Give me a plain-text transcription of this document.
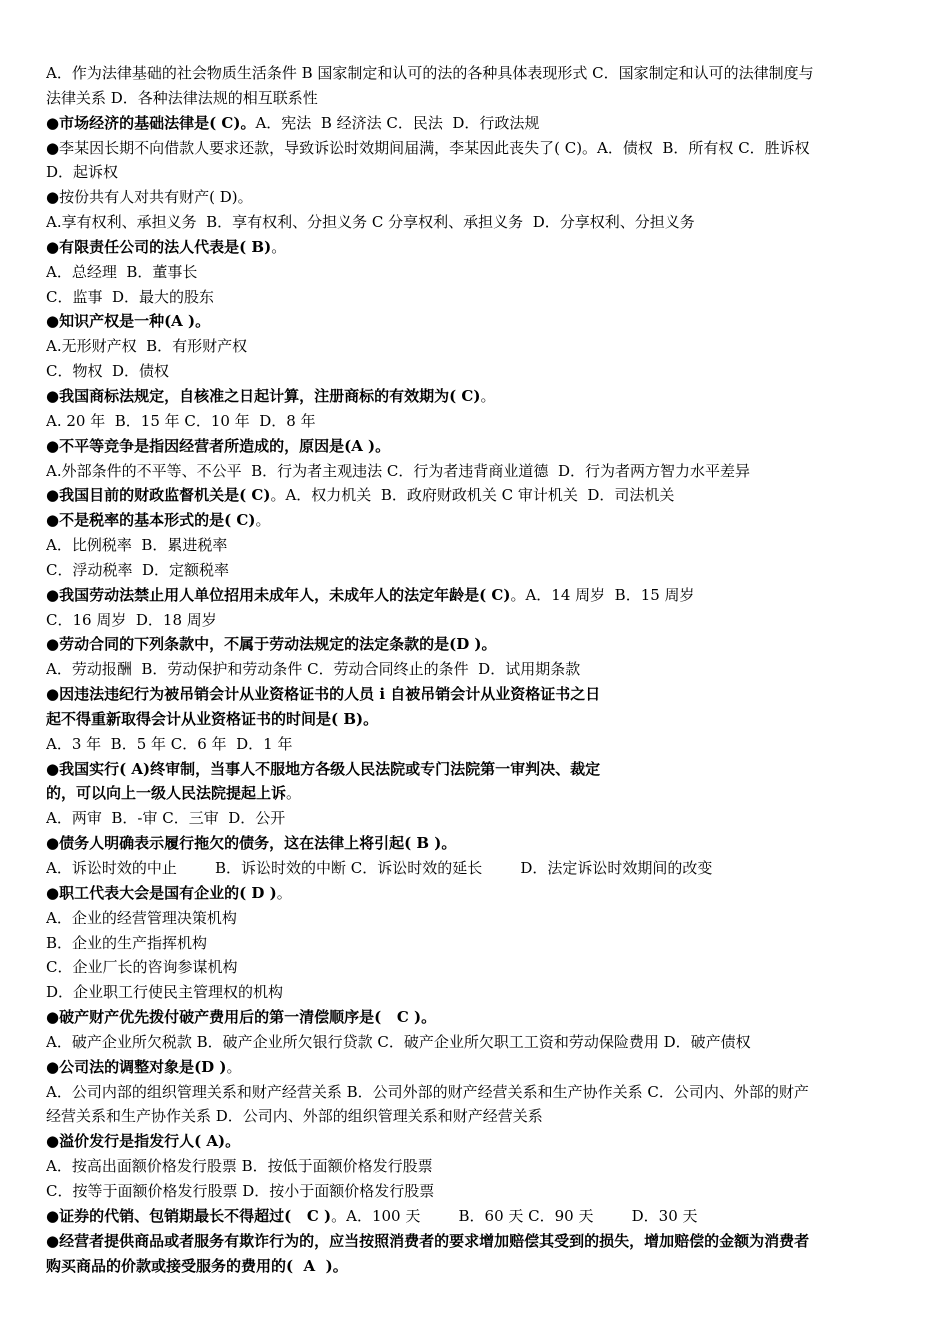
A．作为法律基础的社会物质生活条件 B 国家制定和认可的法的各种具体表现形式 C．国家制定和认可的法律制度与
法律关系 D．各种法律法规的相互联系性
●市场经济的基础法律是( C)。A．宪法  B 经济法 C．民法  D．行政法规
●李某因长期不向借款人要求还款，导致诉讼时效期间届满，李某因此丧失了( C)。A．债权  B．所有权 C．胜诉权
D．起诉权
●按份共有人对共有财产( D)。
A.享有权利、承担义务  B．享有权利、分担义务 C 分享权利、承担义务  D．分享权利、分担义务
●有限责任公司的法人代表是( B)。
A．总经理  B．董事长
C．监事  D．最大的股东
●知识产权是一种(A )。
A.无形财产权  B．有形财产权
C．物权  D．债权
●我国商标法规定，自核准之日起计算，注册商标的有效期为( C)。
A. 20 年  B．15 年 C．10 年  D．8 年
●不平等竞争是指因经营者所造成的，原因是(A )。
A.外部条件的不平等、不公平  B．行为者主观违法 C．行为者违背商业道德  D．行为者两方智力水平差异
●我国目前的财政监督机关是( C)。A．权力机关  B．政府财政机关 C 审计机关  D．司法机关
●不是税率的基本形式的是( C)。
A．比例税率  B．累进税率
C．浮动税率  D．定额税率
●我国劳动法禁止用人单位招用未成年人，未成年人的法定年龄是( C)。A．14 周岁  B．15 周岁
C．16 周岁  D．18 周岁
●劳动合同的下列条款中，不属于劳动法规定的法定条款的是(D )。
A．劳动报酬  B．劳动保护和劳动条件 C．劳动合同终止的条件  D．试用期条款
●因违法违纪行为被吊销会计从业资格证书的人员 i 自被吊销会计从业资格证书之日
起不得重新取得会计从业资格证书的时间是( B)。
A．3 年  B．5 年 C．6 年  D．1 年
●我国实行( A)终审制，当事人不服地方各级人民法院或专门法院第一审判决、裁定
的，可以向上一级人民法院提起上诉。
A．两审  B．-审 C．三审  D．公开
●债务人明确表示履行拖欠的债务，这在法律上将引起( B )。
A．诉讼时效的中止        B．诉讼时效的中断 C．诉讼时效的延长        D．法定诉讼时效期间的改变
●职工代表大会是国有企业的( D )。
A．企业的经营管理决策机构
B．企业的生产指挥机构
C．企业厂长的咨询参谋机构
D．企业职工行使民主管理权的机构
●破产财产优先拨付破产费用后的第一清偿顺序是(   C )。
A．破产企业所欠税款 B．破产企业所欠银行贷款 C．破产企业所欠职工工资和劳动保险费用 D．破产债权
●公司法的调整对象是(D )。
A．公司内部的组织管理关系和财产经营关系 B．公司外部的财产经营关系和生产协作关系 C．公司内、外部的财产
经营关系和生产协作关系 D．公司内、外部的组织管理关系和财产经营关系
●溢价发行是指发行人( A)。
A．按高出面额价格发行股票 B．按低于面额价格发行股票
C．按等于面额价格发行股票 D．按小于面额价格发行股票
●证券的代销、包销期最长不得超过(   C )。A．100 天        B．60 天 C．90 天        D．30 天
●经营者提供商品或者服务有欺诈行为的，应当按照消费者的要求增加赔偿其受到的损失，增加赔偿的金额为消费者
购买商品的价款或接受服务的费用的(  A  )。
